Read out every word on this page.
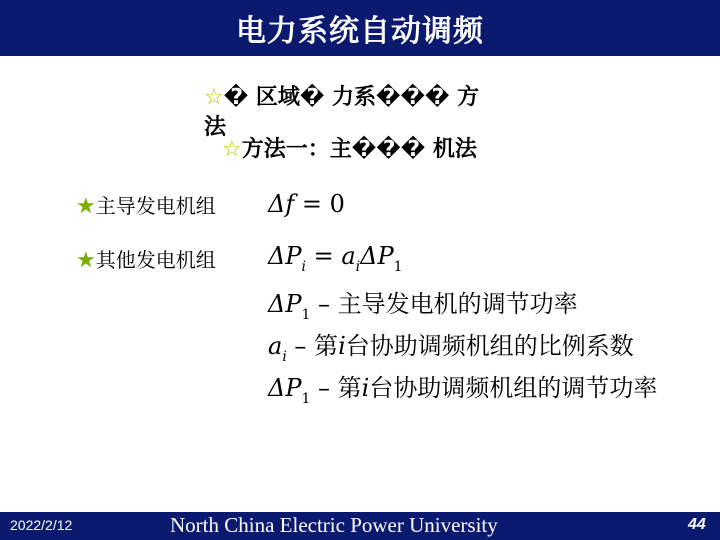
电力系统自动调频
☆� 区域� 力系��� 方
法
☆方法一：主��� 机法
★主导发电机组
★其他发电机组
Δf = 0
$\Delta P_i = a_i\Delta P_1$
$\Delta P_1$ – 主导发电机的调节功率
$a_i$ – 第i台协助调频机组的比例系数
$\Delta P_1$ – 第i台协助调频机组的调节功率
2022/2/12	North China Electric Power University	44
